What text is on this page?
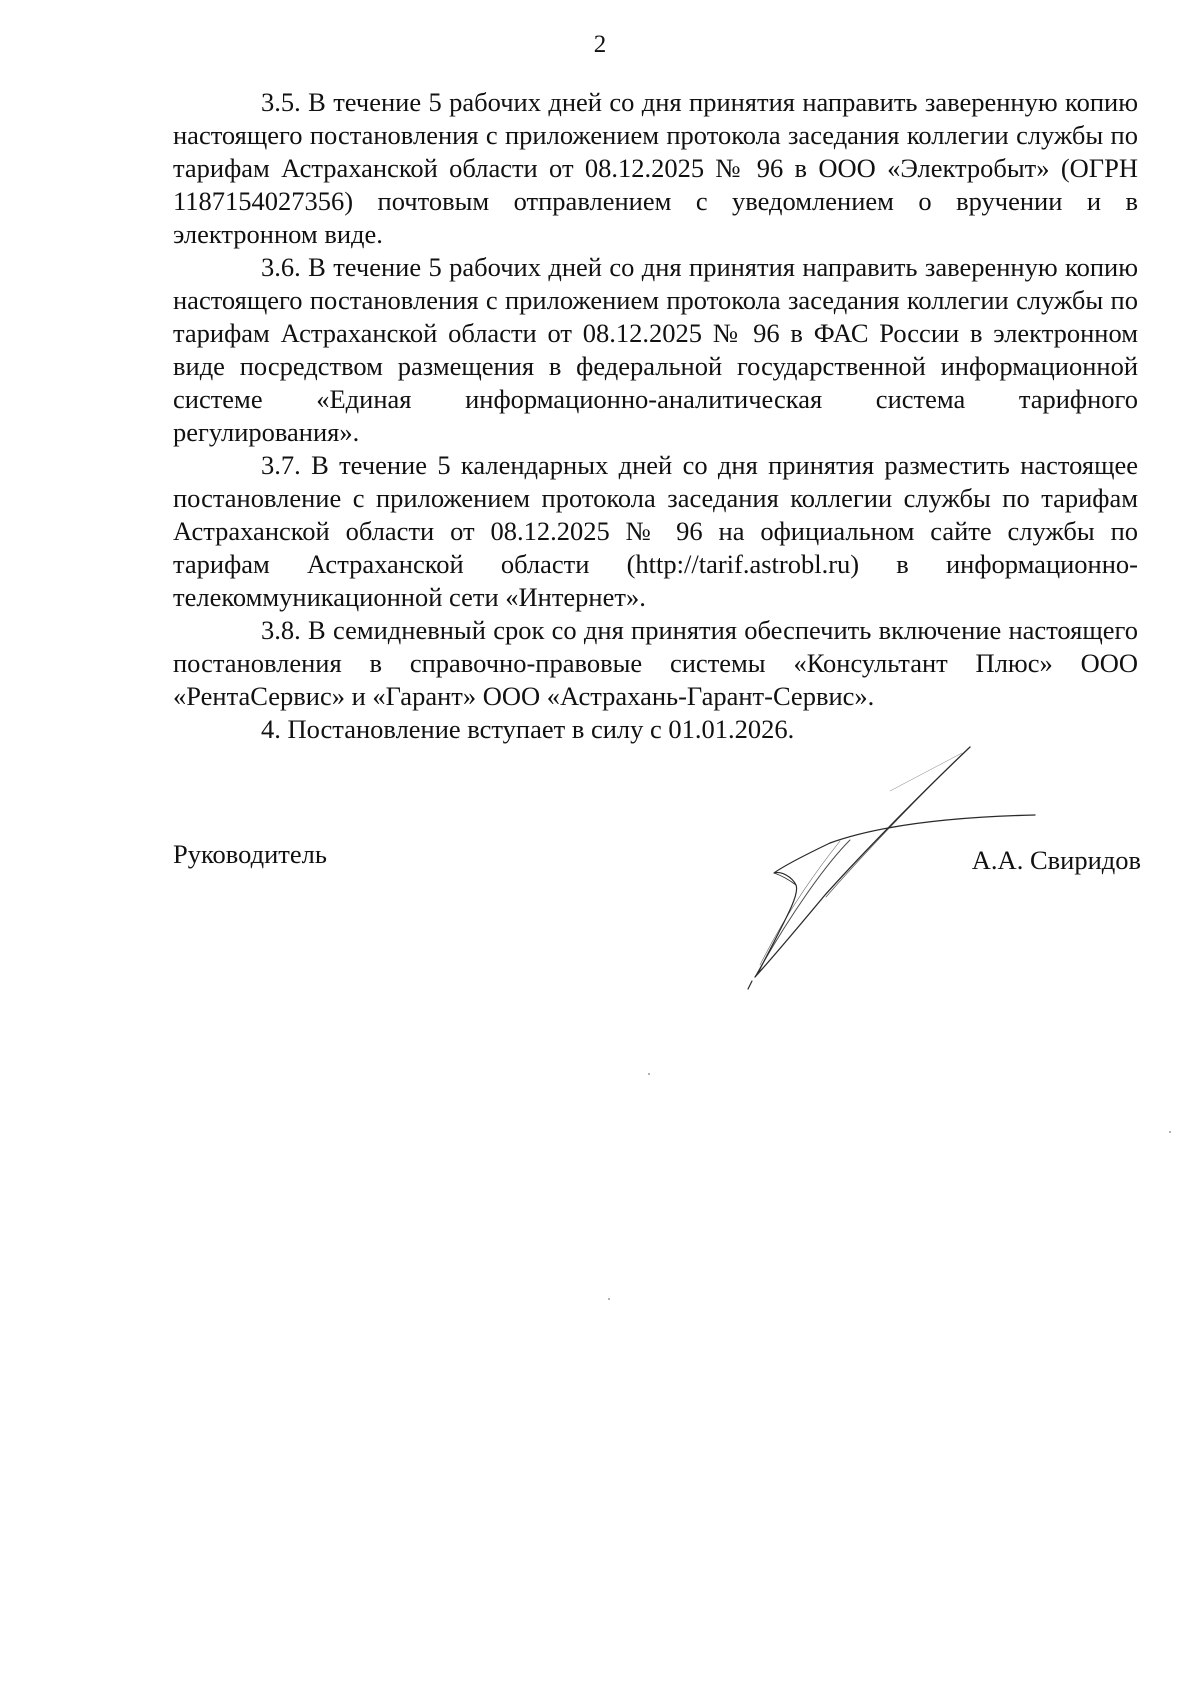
2

3.5. В течение 5 рабочих дней со дня принятия направить заверенную копию настоящего постановления с приложением протокола заседания коллегии службы по тарифам Астраханской области от 08.12.2025 № 96 в ООО «Электробыт» (ОГРН 1187154027356) почтовым отправлением с уведомлением о вручении и в электронном виде.

3.6. В течение 5 рабочих дней со дня принятия направить заверенную копию настоящего постановления с приложением протокола заседания коллегии службы по тарифам Астраханской области от 08.12.2025 № 96 в ФАС России в электронном виде посредством размещения в федеральной государственной информационной системе «Единая информационно-аналитическая система тарифного регулирования».

3.7. В течение 5 календарных дней со дня принятия разместить настоящее постановление с приложением протокола заседания коллегии службы по тарифам Астраханской области от 08.12.2025 № 96 на официальном сайте службы по тарифам Астраханской области (http://tarif.astrobl.ru) в информационно-телекоммуникационной сети «Интернет».

3.8. В семидневный срок со дня принятия обеспечить включение настоящего постановления в справочно-правовые системы «Консультант Плюс» ООО «РентаСервис» и «Гарант» ООО «Астрахань-Гарант-Сервис».

4. Постановление вступает в силу с 01.01.2026.

Руководитель	А.А. Свиридов
